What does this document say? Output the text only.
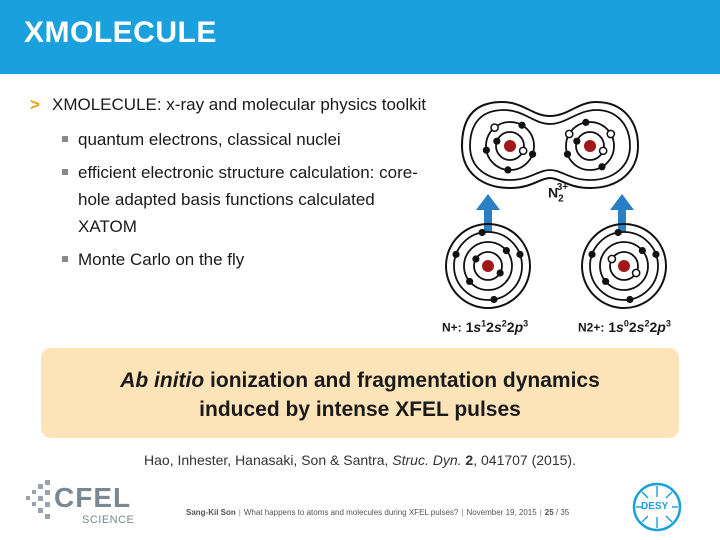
XMOLECULE
> XMOLECULE: x-ray and molecular physics toolkit
quantum electrons, classical nuclei
efficient electronic structure calculation: core-hole adapted basis functions calculated XATOM
Monte Carlo on the fly
$N_2^{3+}$
N+: $1s^12s^22p^3$	N2+: $1s^02s^22p^3$
Ab initio ionization and fragmentation dynamics
induced by intense XFEL pulses
Hao, Inhester, Hanasaki, Son & Santra, Struc. Dyn. 2, 041707 (2015).
CFEL
SCIENCE
Sang-Kil Son | What happens to atoms and molecules during XFEL pulses? | November 19, 2015 | 25 / 35
DESY
